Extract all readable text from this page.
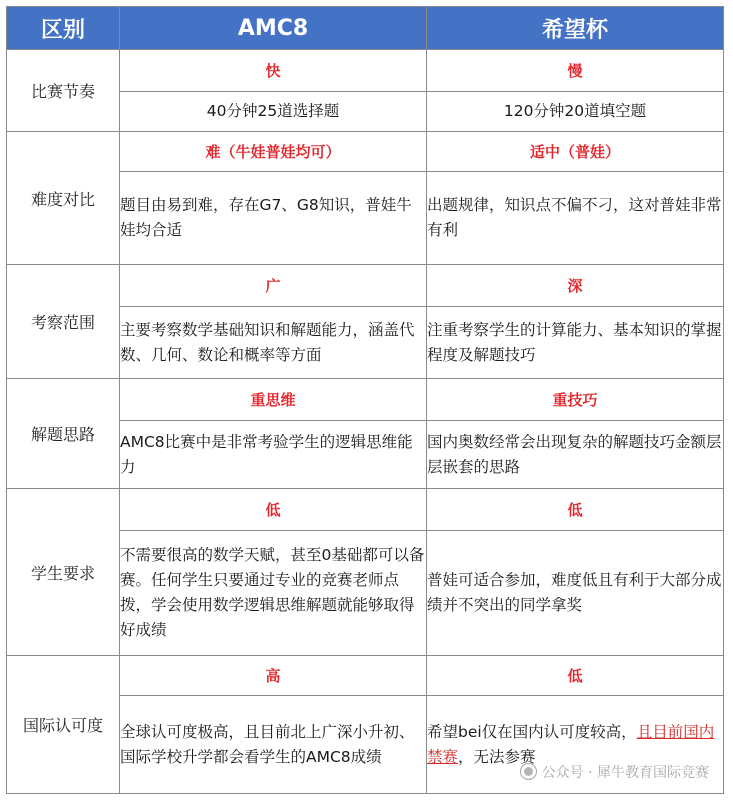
区别	AMC8	希望杯
比赛节奏	快	慢
	40分钟25道选择题	120分钟20道填空题
难度对比	难（牛娃普娃均可）	适中（普娃）
	题目由易到难，存在G7、G8知识，普娃牛娃均合适	出题规律，知识点不偏不刁，这对普娃非常有利
考察范围	广	深
	主要考察数学基础知识和解题能力，涵盖代数、几何、数论和概率等方面	注重考察学生的计算能力、基本知识的掌握程度及解题技巧
解题思路	重思维	重技巧
	AMC8比赛中是非常考验学生的逻辑思维能力	国内奥数经常会出现复杂的解题技巧金额层层嵌套的思路
学生要求	低	低
	不需要很高的数学天赋，甚至0基础都可以备赛。任何学生只要通过专业的竞赛老师点拨，学会使用数学逻辑思维解题就能够取得好成绩	普娃可适合参加，难度低且有利于大部分成绩并不突出的同学拿奖
国际认可度	高	低
	全球认可度极高，且目前北上广深小升初、国际学校升学都会看学生的AMC8成绩	希望bei仅在国内认可度较高，且目前国内禁赛，无法参赛
公众号 · 犀牛教育国际竞赛
